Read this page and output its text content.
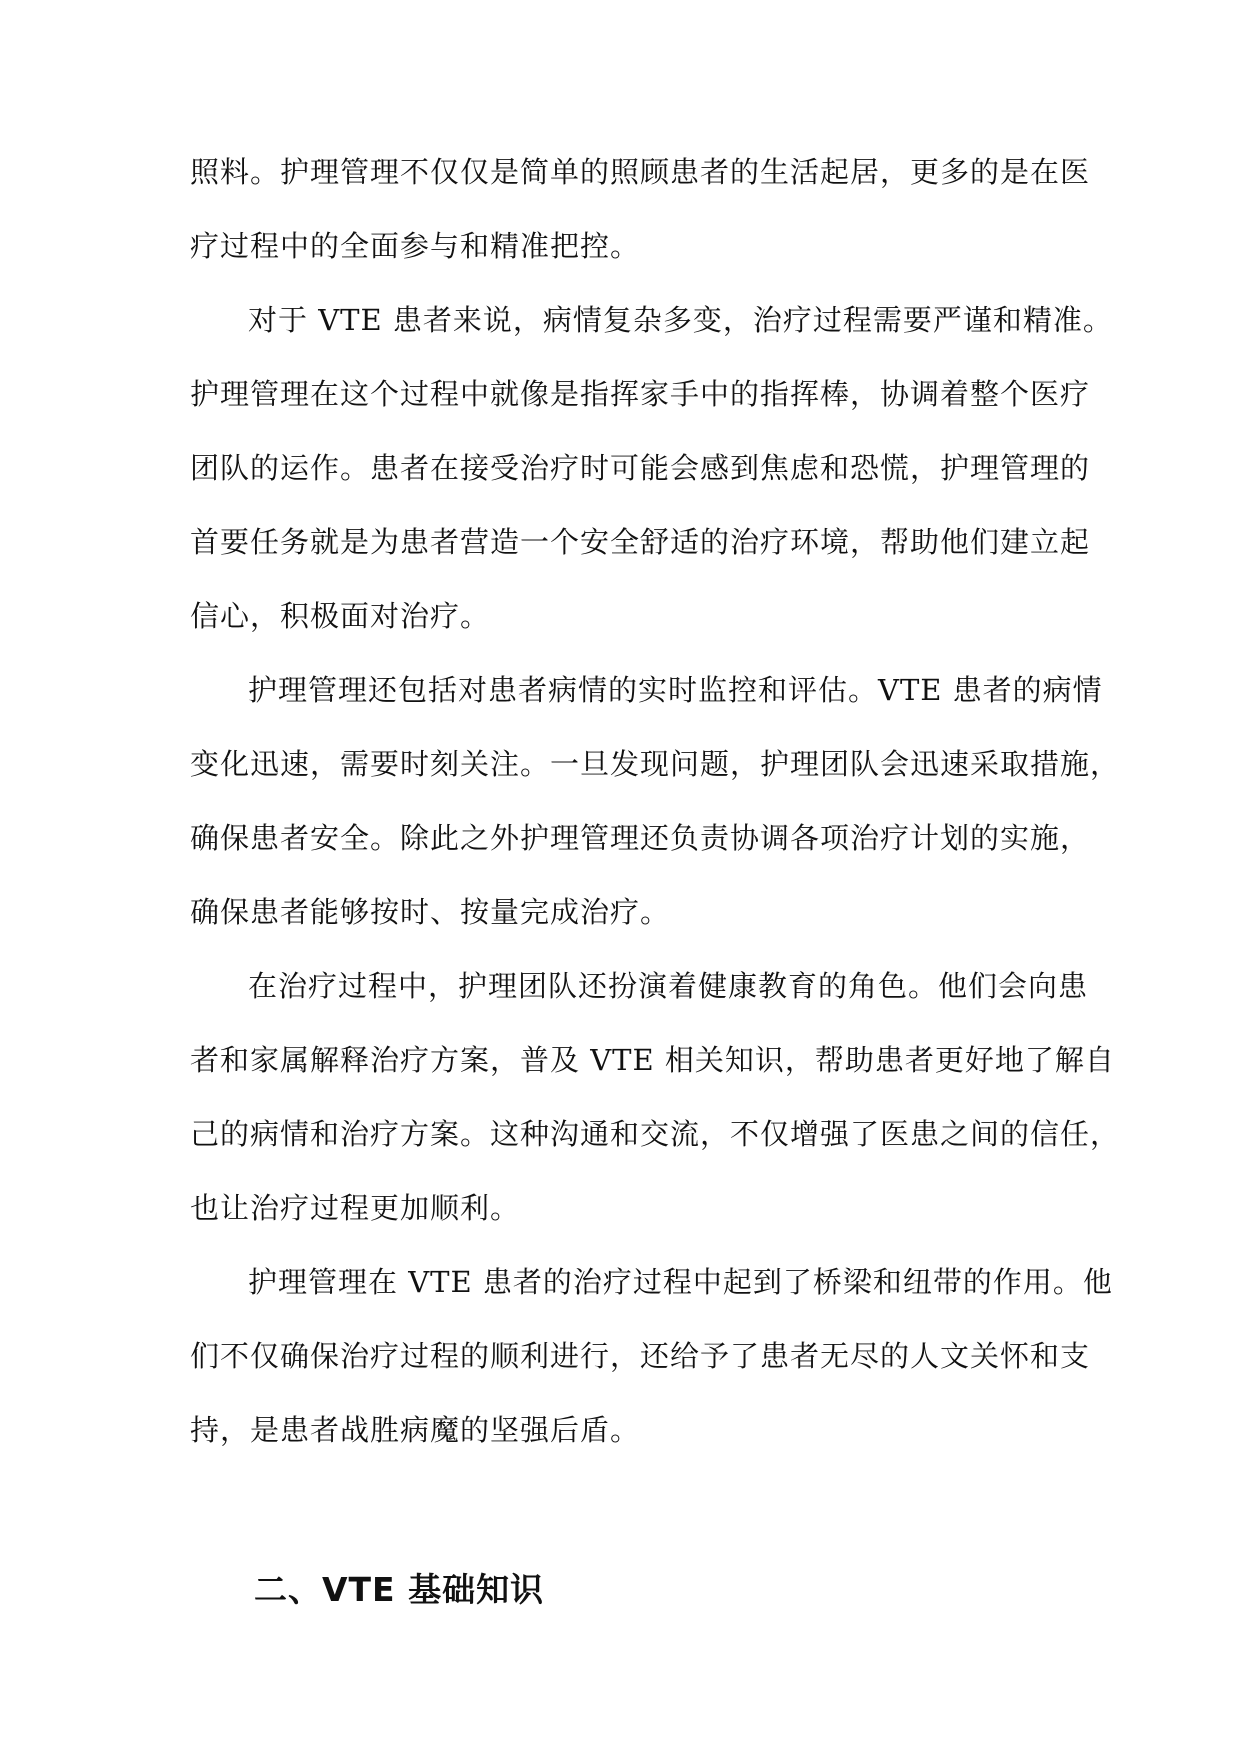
照料。护理管理不仅仅是简单的照顾患者的生活起居，更多的是在医
疗过程中的全面参与和精准把控。
对于 VTE 患者来说，病情复杂多变，治疗过程需要严谨和精准。
护理管理在这个过程中就像是指挥家手中的指挥棒，协调着整个医疗
团队的运作。患者在接受治疗时可能会感到焦虑和恐慌，护理管理的
首要任务就是为患者营造一个安全舒适的治疗环境，帮助他们建立起
信心，积极面对治疗。
护理管理还包括对患者病情的实时监控和评估。VTE 患者的病情
变化迅速，需要时刻关注。一旦发现问题，护理团队会迅速采取措施，
确保患者安全。除此之外护理管理还负责协调各项治疗计划的实施，
确保患者能够按时、按量完成治疗。
在治疗过程中，护理团队还扮演着健康教育的角色。他们会向患
者和家属解释治疗方案，普及 VTE 相关知识，帮助患者更好地了解自
己的病情和治疗方案。这种沟通和交流，不仅增强了医患之间的信任，
也让治疗过程更加顺利。
护理管理在 VTE 患者的治疗过程中起到了桥梁和纽带的作用。他
们不仅确保治疗过程的顺利进行，还给予了患者无尽的人文关怀和支
持，是患者战胜病魔的坚强后盾。
二、VTE 基础知识
